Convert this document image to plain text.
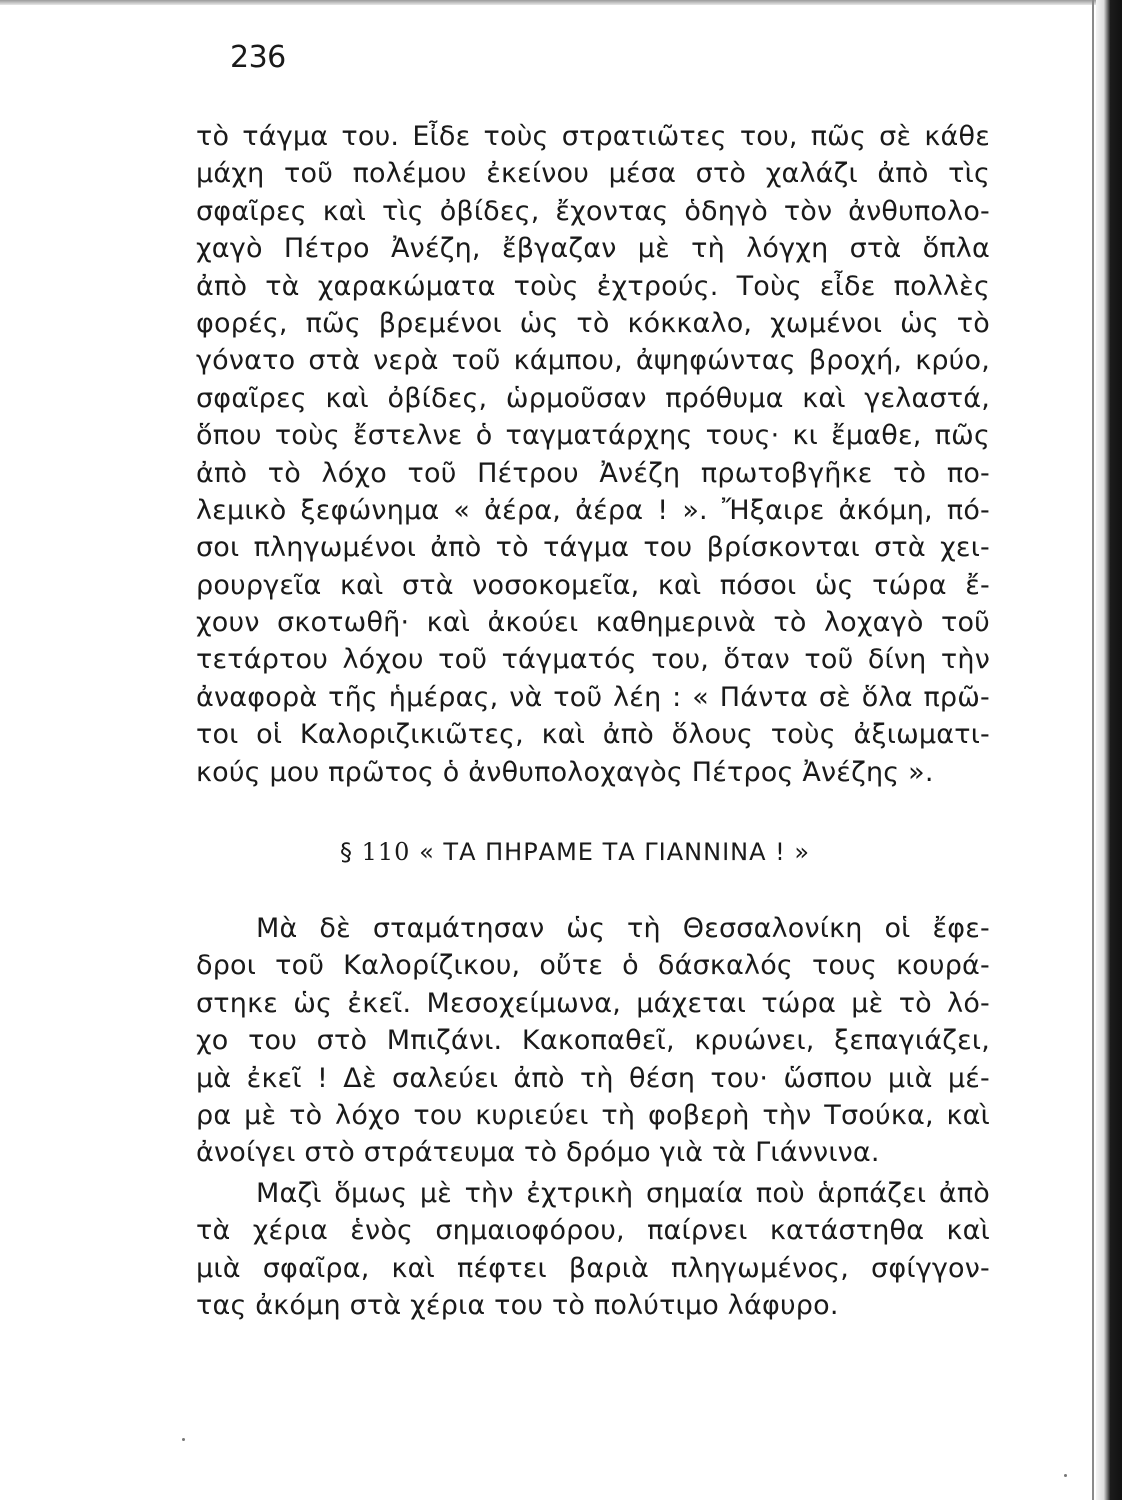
236
τὸ τάγμα του. Εἶδε τοὺς στρατιῶτες του, πῶς σὲ κάθε
μάχη τοῦ πολέμου ἐκείνου μέσα στὸ χαλάζι ἀπὸ τὶς
σφαῖρες καὶ τὶς ὀβίδες, ἔχοντας ὁδηγὸ τὸν ἀνθυπολο-
χαγὸ Πέτρο Ἀνέζη, ἔβγαζαν μὲ τὴ λόγχη στὰ ὅπλα
ἀπὸ τὰ χαρακώματα τοὺς ἐχτρούς. Τοὺς εἶδε πολλὲς
φορές, πῶς βρεμένοι ὡς τὸ κόκκαλο, χωμένοι ὡς τὸ
γόνατο στὰ νερὰ τοῦ κάμπου, ἀψηφώντας βροχή, κρύο,
σφαῖρες καὶ ὀβίδες, ὡρμοῦσαν πρόθυμα καὶ γελαστά,
ὅπου τοὺς ἔστελνε ὁ ταγματάρχης τους· κι ἔμαθε, πῶς
ἀπὸ τὸ λόχο τοῦ Πέτρου Ἀνέζη πρωτοβγῆκε τὸ πο-
λεμικὸ ξεφώνημα « ἀέρα, ἀέρα ! ». Ἤξαιρε ἀκόμη, πό-
σοι πληγωμένοι ἀπὸ τὸ τάγμα του βρίσκονται στὰ χει-
ρουργεῖα καὶ στὰ νοσοκομεῖα, καὶ πόσοι ὡς τώρα ἔ-
χουν σκοτωθῆ· καὶ ἀκούει καθημερινὰ τὸ λοχαγὸ τοῦ
τετάρτου λόχου τοῦ τάγματός του, ὅταν τοῦ δίνη τὴν
ἀναφορὰ τῆς ἡμέρας, νὰ τοῦ λέη : « Πάντα σὲ ὅλα πρῶ-
τοι οἱ Καλοριζικιῶτες, καὶ ἀπὸ ὅλους τοὺς ἀξιωματι-
κούς μου πρῶτος ὁ ἀνθυπολοχαγὸς Πέτρος Ἀνέζης ».
§ 110 « ΤΑ ΠΗΡΑΜΕ ΤΑ ΓΙΑΝΝΙΝΑ ! »
Μὰ δὲ σταμάτησαν ὡς τὴ Θεσσαλονίκη οἱ ἔφε-
δροι τοῦ Καλορίζικου, οὔτε ὁ δάσκαλός τους κουρά-
στηκε ὡς ἐκεῖ. Μεσοχείμωνα, μάχεται τώρα μὲ τὸ λό-
χο του στὸ Μπιζάνι. Κακοπαθεῖ, κρυώνει, ξεπαγιάζει,
μὰ ἐκεῖ ! Δὲ σαλεύει ἀπὸ τὴ θέση του· ὥσπου μιὰ μέ-
ρα μὲ τὸ λόχο του κυριεύει τὴ φοβερὴ τὴν Τσούκα, καὶ
ἀνοίγει στὸ στράτευμα τὸ δρόμο γιὰ τὰ Γιάννινα.
Μαζὶ ὅμως μὲ τὴν ἐχτρικὴ σημαία ποὺ ἁρπάζει ἀπὸ
τὰ χέρια ἑνὸς σημαιοφόρου, παίρνει κατάστηθα καὶ
μιὰ σφαῖρα, καὶ πέφτει βαριὰ πληγωμένος, σφίγγον-
τας ἀκόμη στὰ χέρια του τὸ πολύτιμο λάφυρο.
